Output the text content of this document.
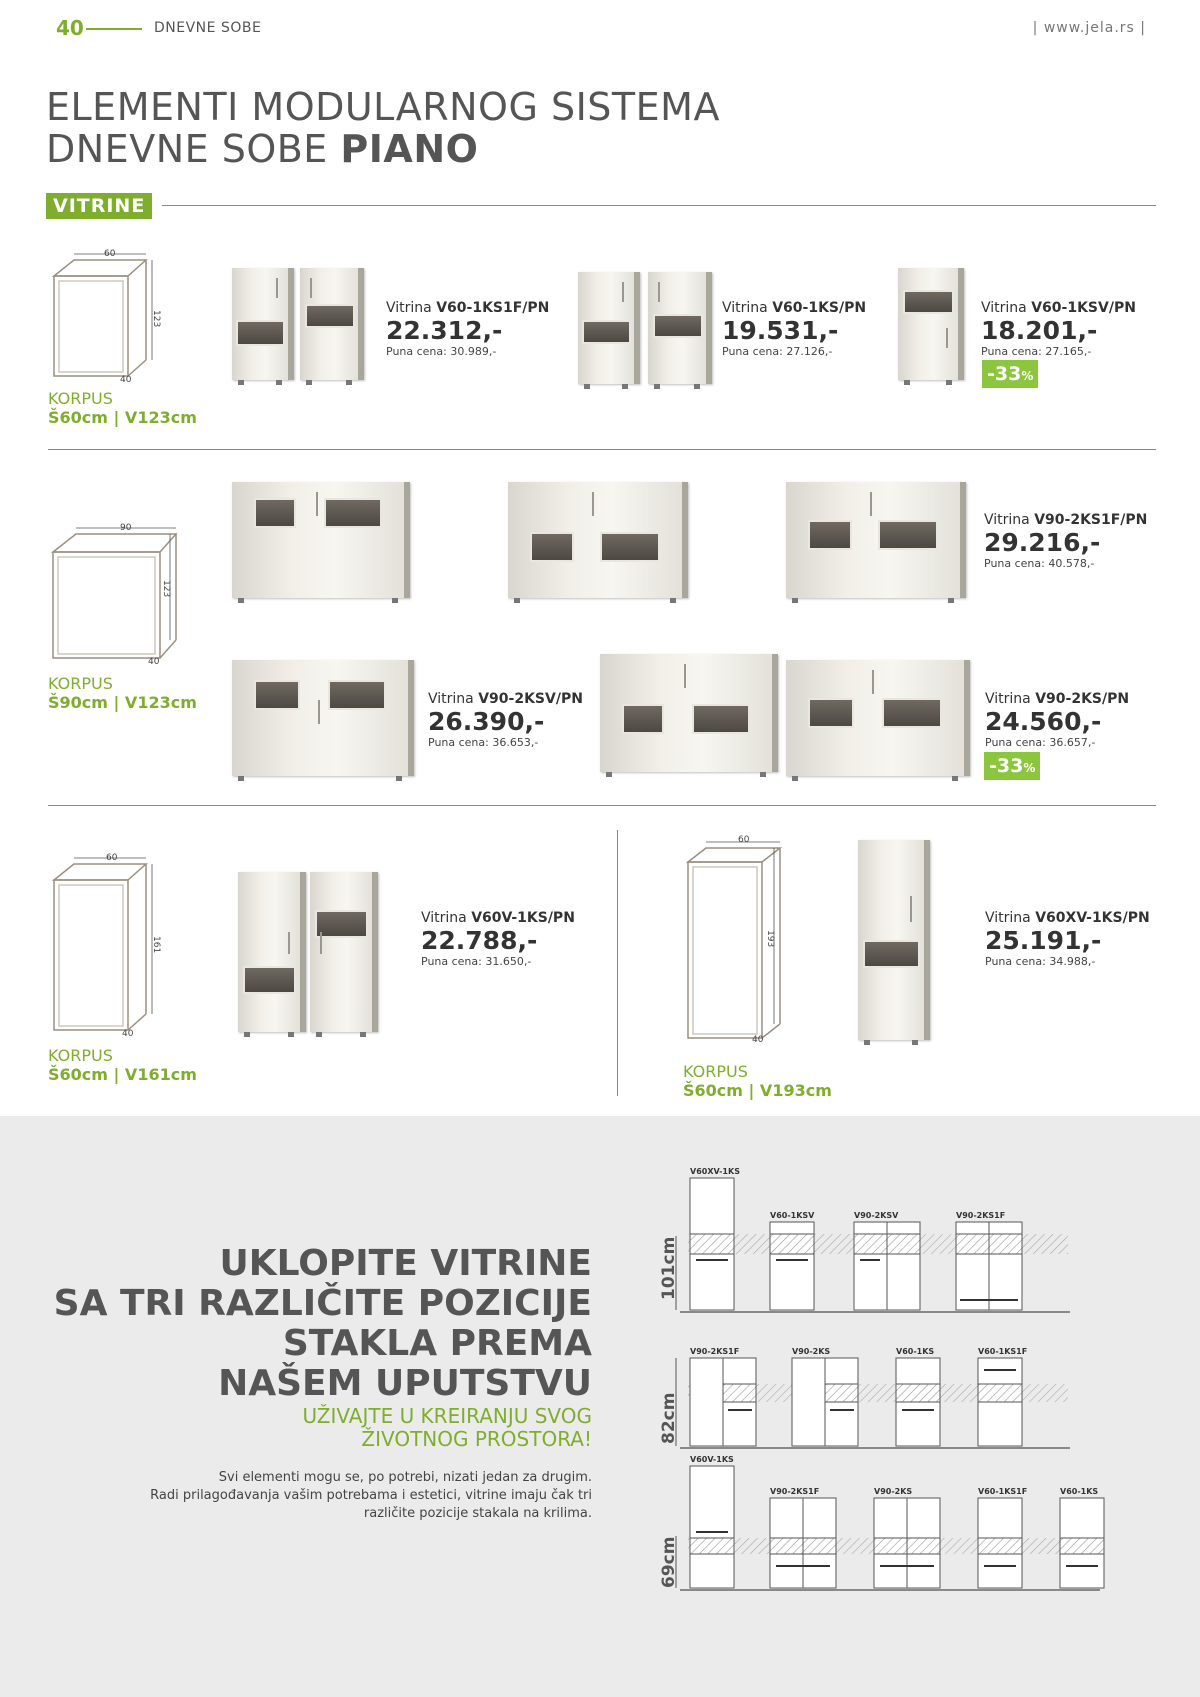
40	DNEVNE SOBE	| www.jela.rs |
ELEMENTI MODULARNOG SISTEMA
DNEVNE SOBE PIANO
VITRINE
60
123
40
KORPUS
Š60cm | V123cm
90
123
40
KORPUS
Š90cm | V123cm
60
161
40
KORPUS
Š60cm | V161cm
60
193
40
KORPUS
Š60cm | V193cm
Vitrina V60-1KS1F/PN
22.312,-
Puna cena: 30.989,-
Vitrina V60-1KS/PN
19.531,-
Puna cena: 27.126,-
Vitrina V60-1KSV/PN
18.201,-
Puna cena: 27.165,-
-33%
Vitrina V90-2KS1F/PN
29.216,-
Puna cena: 40.578,-
Vitrina V90-2KSV/PN
26.390,-
Puna cena: 36.653,-
Vitrina V90-2KS/PN
24.560,-
Puna cena: 36.657,-
-33%
Vitrina V60V-1KS/PN
22.788,-
Puna cena: 31.650,-
Vitrina V60XV-1KS/PN
25.191,-
Puna cena: 34.988,-
UKLOPITE VITRINE
SA TRI RAZLIČITE POZICIJE
STAKLA PREMA
NAŠEM UPUTSTVU
UŽIVAJTE U KREIRANJU SVOG
ŽIVOTNOG PROSTORA!
Svi elementi mogu se, po potrebi, nizati jedan za drugim.
Radi prilagođavanja vašim potrebama i estetici, vitrine imaju čak tri
različite pozicije stakala na krilima.
V60XV-1KS
V60-1KSV	V90-2KSV	V90-2KS1F
101cm
V90-2KS1F	V90-2KS	V60-1KS	V60-1KS1F
82cm
V60V-1KS
V90-2KS1F	V90-2KS	V60-1KS1F	V60-1KS
69cm
